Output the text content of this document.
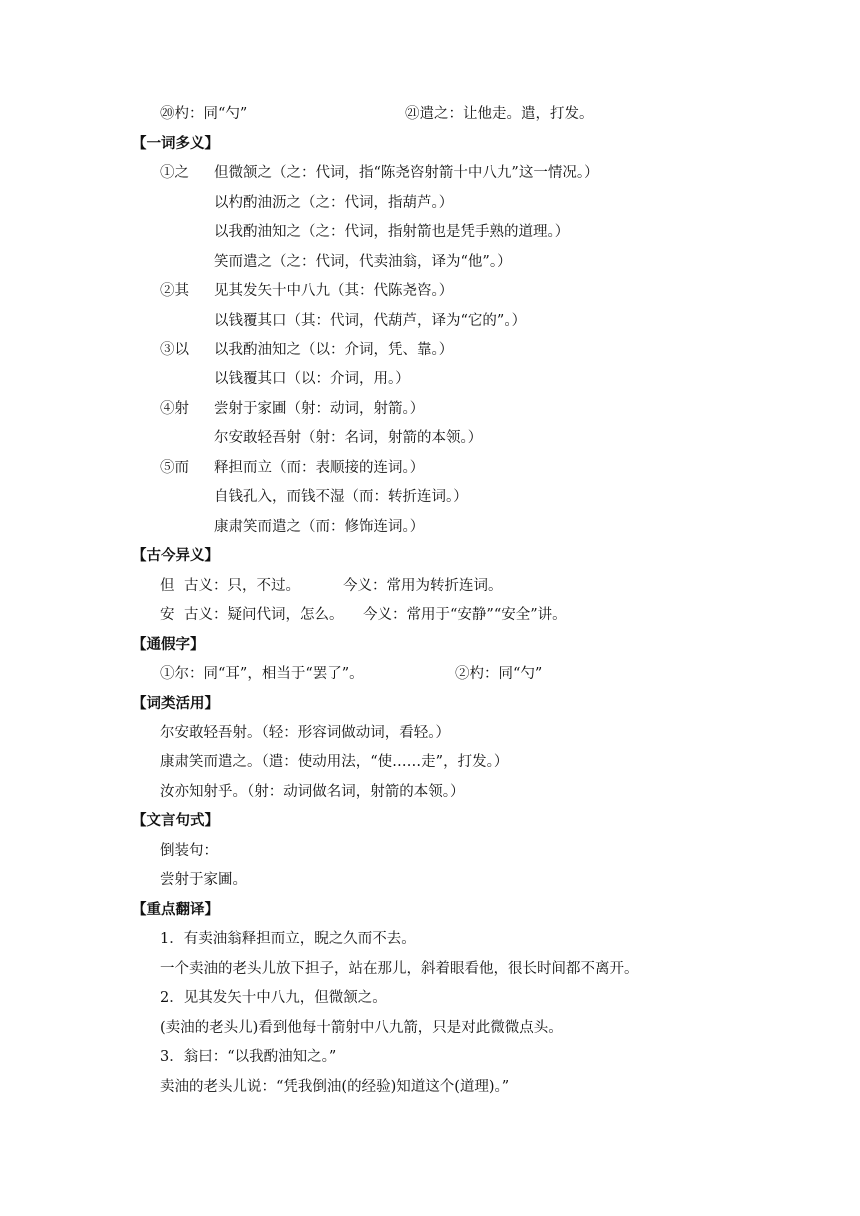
⑳杓：同“勺”	㉑遣之：让他走。遣，打发。
【一词多义】
①之 但微颔之（之：代词，指“陈尧咨射箭十中八九”这一情况。）
以杓酌油沥之（之：代词，指葫芦。）
以我酌油知之（之：代词，指射箭也是凭手熟的道理。）
笑而遣之（之：代词，代卖油翁，译为“他”。）
②其 见其发矢十中八九（其：代陈尧咨。）
以钱覆其口（其：代词，代葫芦，译为“它的”。）
③以 以我酌油知之（以：介词，凭、靠。）
以钱覆其口（以：介词，用。）
④射 尝射于家圃（射：动词，射箭。）
尔安敢轻吾射（射：名词，射箭的本领。）
⑤而 释担而立（而：表顺接的连词。）
自钱孔入，而钱不湿（而：转折连词。）
康肃笑而遣之（而：修饰连词。）
【古今异义】
但 古义：只，不过。	今义：常用为转折连词。
安 古义：疑问代词，怎么。 今义：常用于“安静”“安全”讲。
【通假字】
①尔：同“耳”，相当于“罢了”。	②杓：同“勺”
【词类活用】
尔安敢轻吾射。（轻：形容词做动词，看轻。）
康肃笑而遣之。（遣：使动用法，“使……走”，打发。）
汝亦知射乎。（射：动词做名词，射箭的本领。）
【文言句式】
倒装句：
尝射于家圃。
【重点翻译】
1．有卖油翁释担而立，睨之久而不去。
一个卖油的老头儿放下担子，站在那儿，斜着眼看他，很长时间都不离开。
2．见其发矢十中八九，但微颔之。
(卖油的老头儿)看到他每十箭射中八九箭，只是对此微微点头。
3．翁曰：“以我酌油知之。”
卖油的老头儿说：“凭我倒油(的经验)知道这个(道理)。”
